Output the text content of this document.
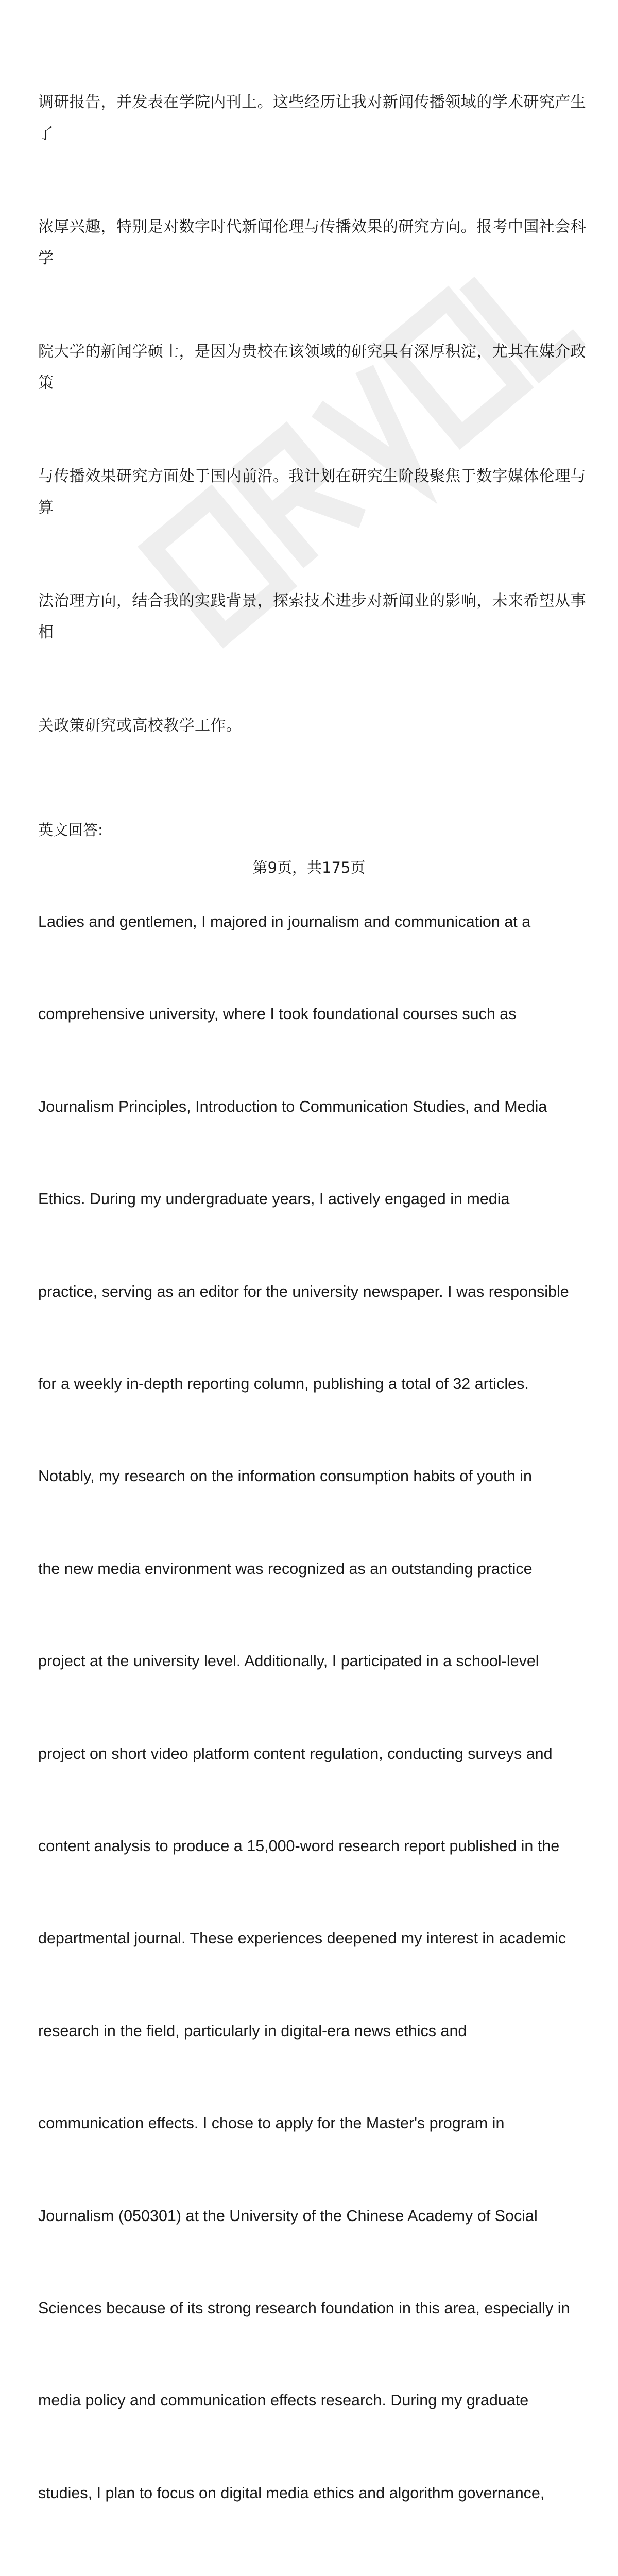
调研报告，并发表在学院内刊上。这些经历让我对新闻传播领域的学术研究产生了

浓厚兴趣，特别是对数字时代新闻伦理与传播效果的研究方向。报考中国社会科学

院大学的新闻学硕士，是因为贵校在该领域的研究具有深厚积淀，尤其在媒介政策

与传播效果研究方面处于国内前沿。我计划在研究生阶段聚焦于数字媒体伦理与算

法治理方向，结合我的实践背景，探索技术进步对新闻业的影响，未来希望从事相

关政策研究或高校教学工作。

英文回答:

Ladies and gentlemen, I majored in journalism and communication at a

comprehensive university, where I took foundational courses such as

Journalism Principles, Introduction to Communication Studies, and Media

Ethics. During my undergraduate years, I actively engaged in media

practice, serving as an editor for the university newspaper. I was responsible

for a weekly in-depth reporting column, publishing a total of 32 articles.

Notably, my research on the information consumption habits of youth in

the new media environment was recognized as an outstanding practice

project at the university level. Additionally, I participated in a school-level

project on short video platform content regulation, conducting surveys and

content analysis to produce a 15,000-word research report published in the

departmental journal. These experiences deepened my interest in academic

research in the field, particularly in digital-era news ethics and

communication effects. I chose to apply for the Master's program in

Journalism (050301) at the University of the Chinese Academy of Social

Sciences because of its strong research foundation in this area, especially in

media policy and communication effects research. During my graduate

studies, I plan to focus on digital media ethics and algorithm governance,

第9页，共175页
